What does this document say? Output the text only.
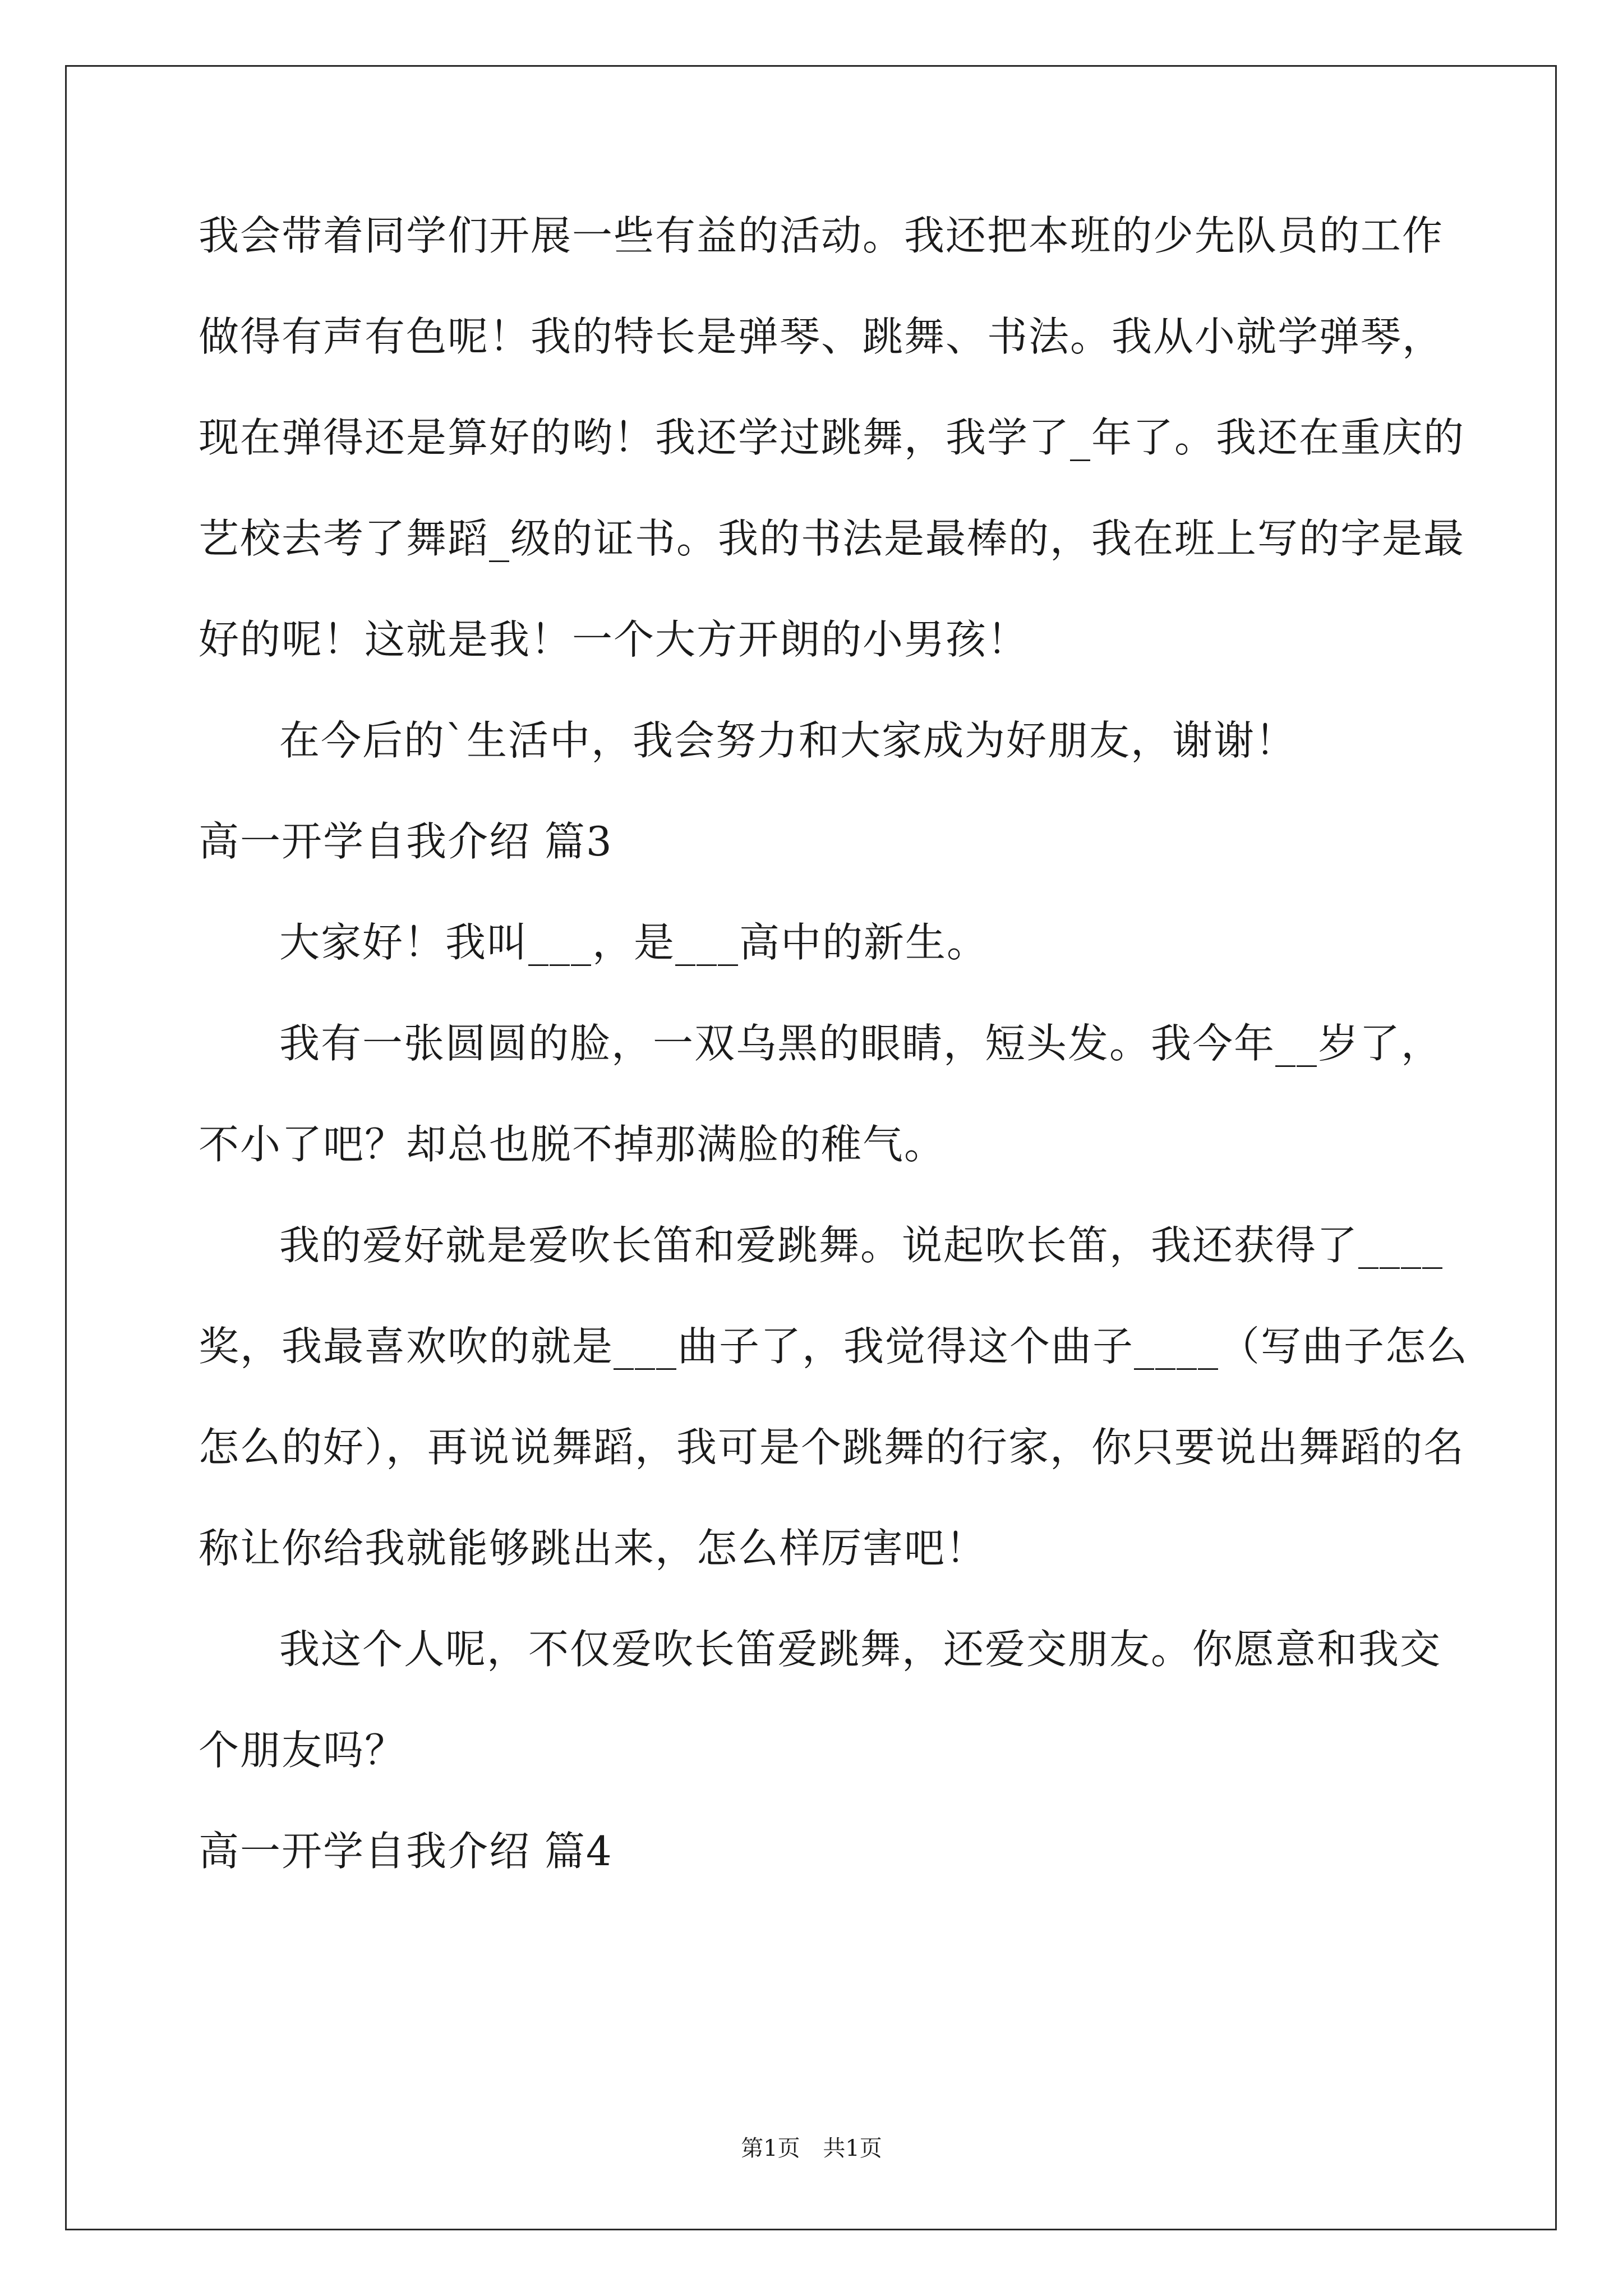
我会带着同学们开展一些有益的活动。我还把本班的少先队员的工作
做得有声有色呢！我的特长是弹琴、跳舞、书法。我从小就学弹琴，
现在弹得还是算好的哟！我还学过跳舞，我学了_年了。我还在重庆的
艺校去考了舞蹈_级的证书。我的书法是最棒的，我在班上写的字是最
好的呢！这就是我！一个大方开朗的小男孩！
在今后的`生活中，我会努力和大家成为好朋友，谢谢！
高一开学自我介绍 篇3
大家好！我叫___，是___高中的新生。
我有一张圆圆的脸，一双乌黑的眼睛，短头发。我今年__岁了，
不小了吧？却总也脱不掉那满脸的稚气。
我的爱好就是爱吹长笛和爱跳舞。说起吹长笛，我还获得了____
奖，我最喜欢吹的就是___曲子了，我觉得这个曲子____（写曲子怎么
怎么的好），再说说舞蹈，我可是个跳舞的行家，你只要说出舞蹈的名
称让你给我就能够跳出来，怎么样厉害吧！
我这个人呢，不仅爱吹长笛爱跳舞，还爱交朋友。你愿意和我交
个朋友吗？
高一开学自我介绍 篇4
第1页 共1页
